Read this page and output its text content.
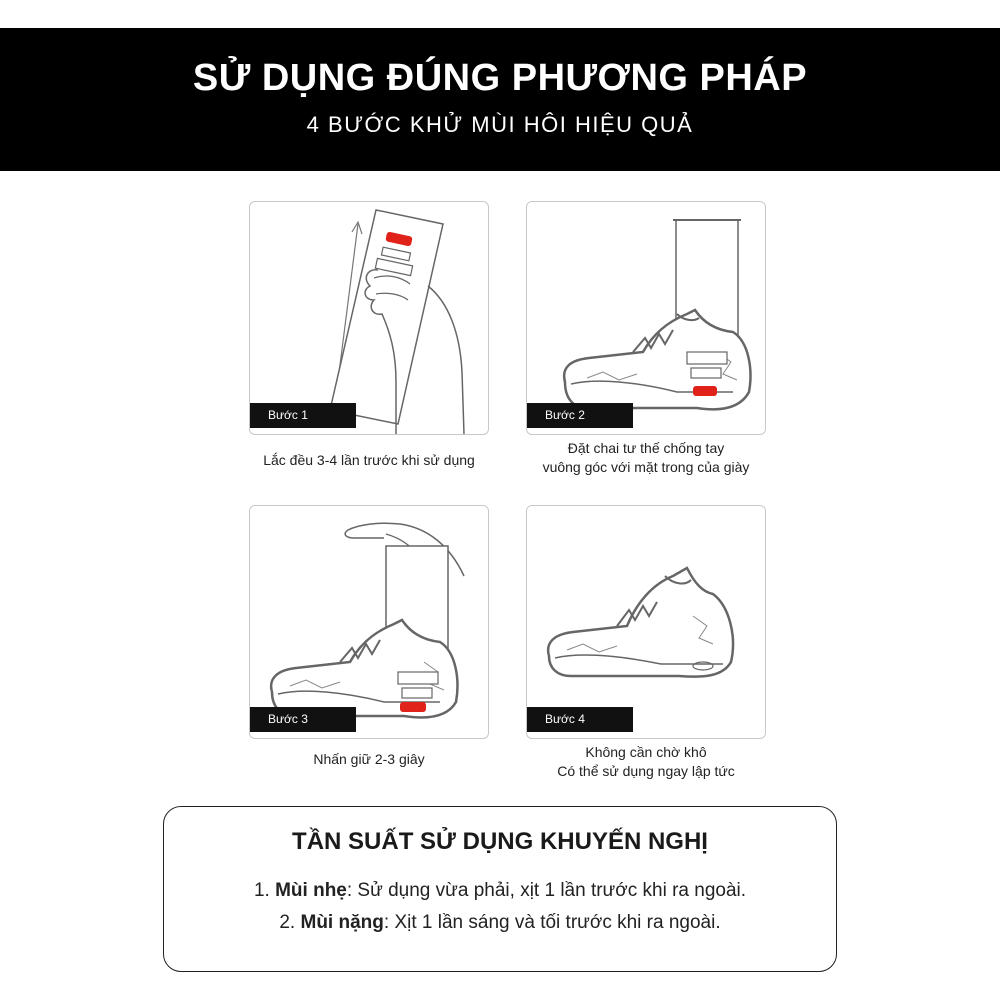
SỬ DỤNG ĐÚNG PHƯƠNG PHÁP
4 BƯỚC KHỬ MÙI HÔI HIỆU QUẢ
Bước 1
Lắc đều 3-4 lần trước khi sử dụng
Bước 2
Đặt chai tư thế chống tay
vuông góc với mặt trong của giày
Bước 3
Nhấn giữ 2-3 giây
Bước 4
Không cần chờ khô
Có thể sử dụng ngay lập tức
TẦN SUẤT SỬ DỤNG KHUYẾN NGHỊ
1. Mùi nhẹ: Sử dụng vừa phải, xịt 1 lần trước khi ra ngoài.
2. Mùi nặng: Xịt 1 lần sáng và tối trước khi ra ngoài.
